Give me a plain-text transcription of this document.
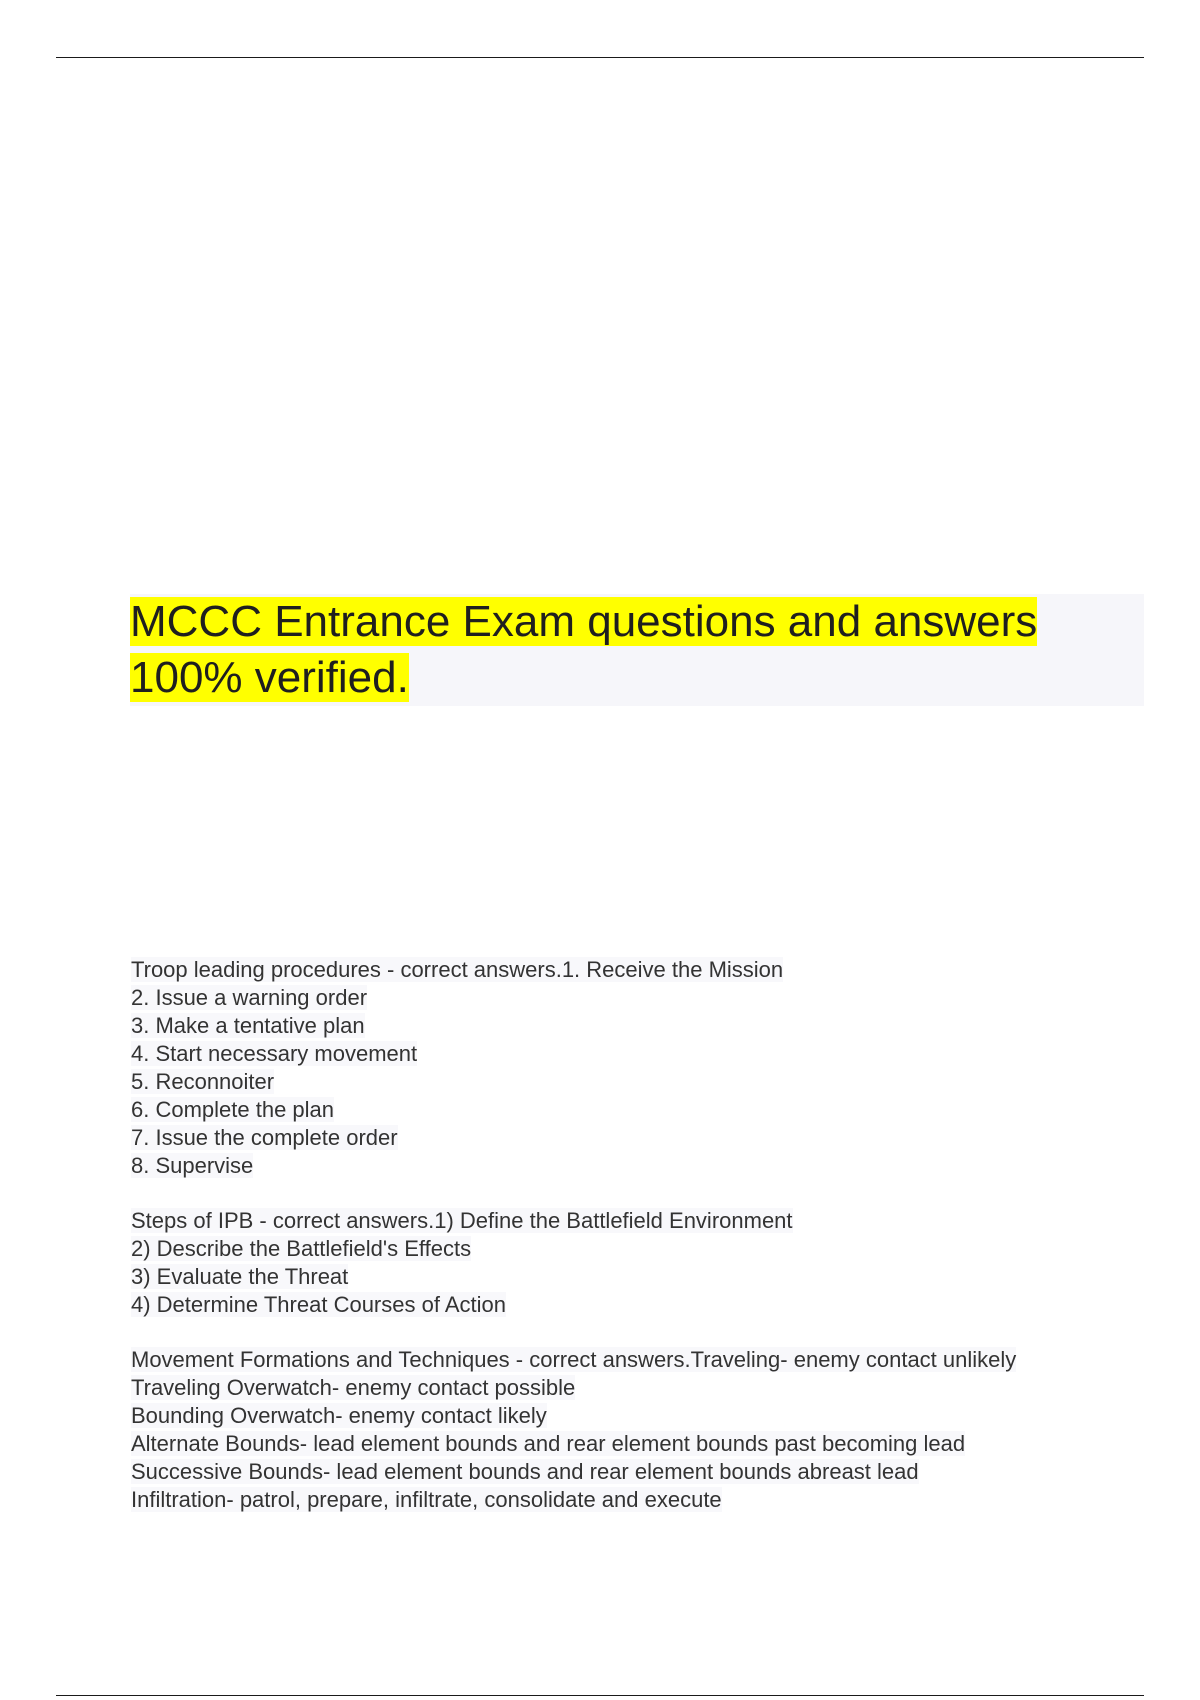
MCCC Entrance Exam questions and answers
100% verified.
Troop leading procedures - correct answers.1. Receive the Mission
2. Issue a warning order
3. Make a tentative plan
4. Start necessary movement
5. Reconnoiter
6. Complete the plan
7. Issue the complete order
8. Supervise
Steps of IPB - correct answers.1) Define the Battlefield Environment
2) Describe the Battlefield's Effects
3) Evaluate the Threat
4) Determine Threat Courses of Action
Movement Formations and Techniques - correct answers.Traveling- enemy contact unlikely
Traveling Overwatch- enemy contact possible
Bounding Overwatch- enemy contact likely
Alternate Bounds- lead element bounds and rear element bounds past becoming lead
Successive Bounds- lead element bounds and rear element bounds abreast lead
Infiltration- patrol, prepare, infiltrate, consolidate and execute
